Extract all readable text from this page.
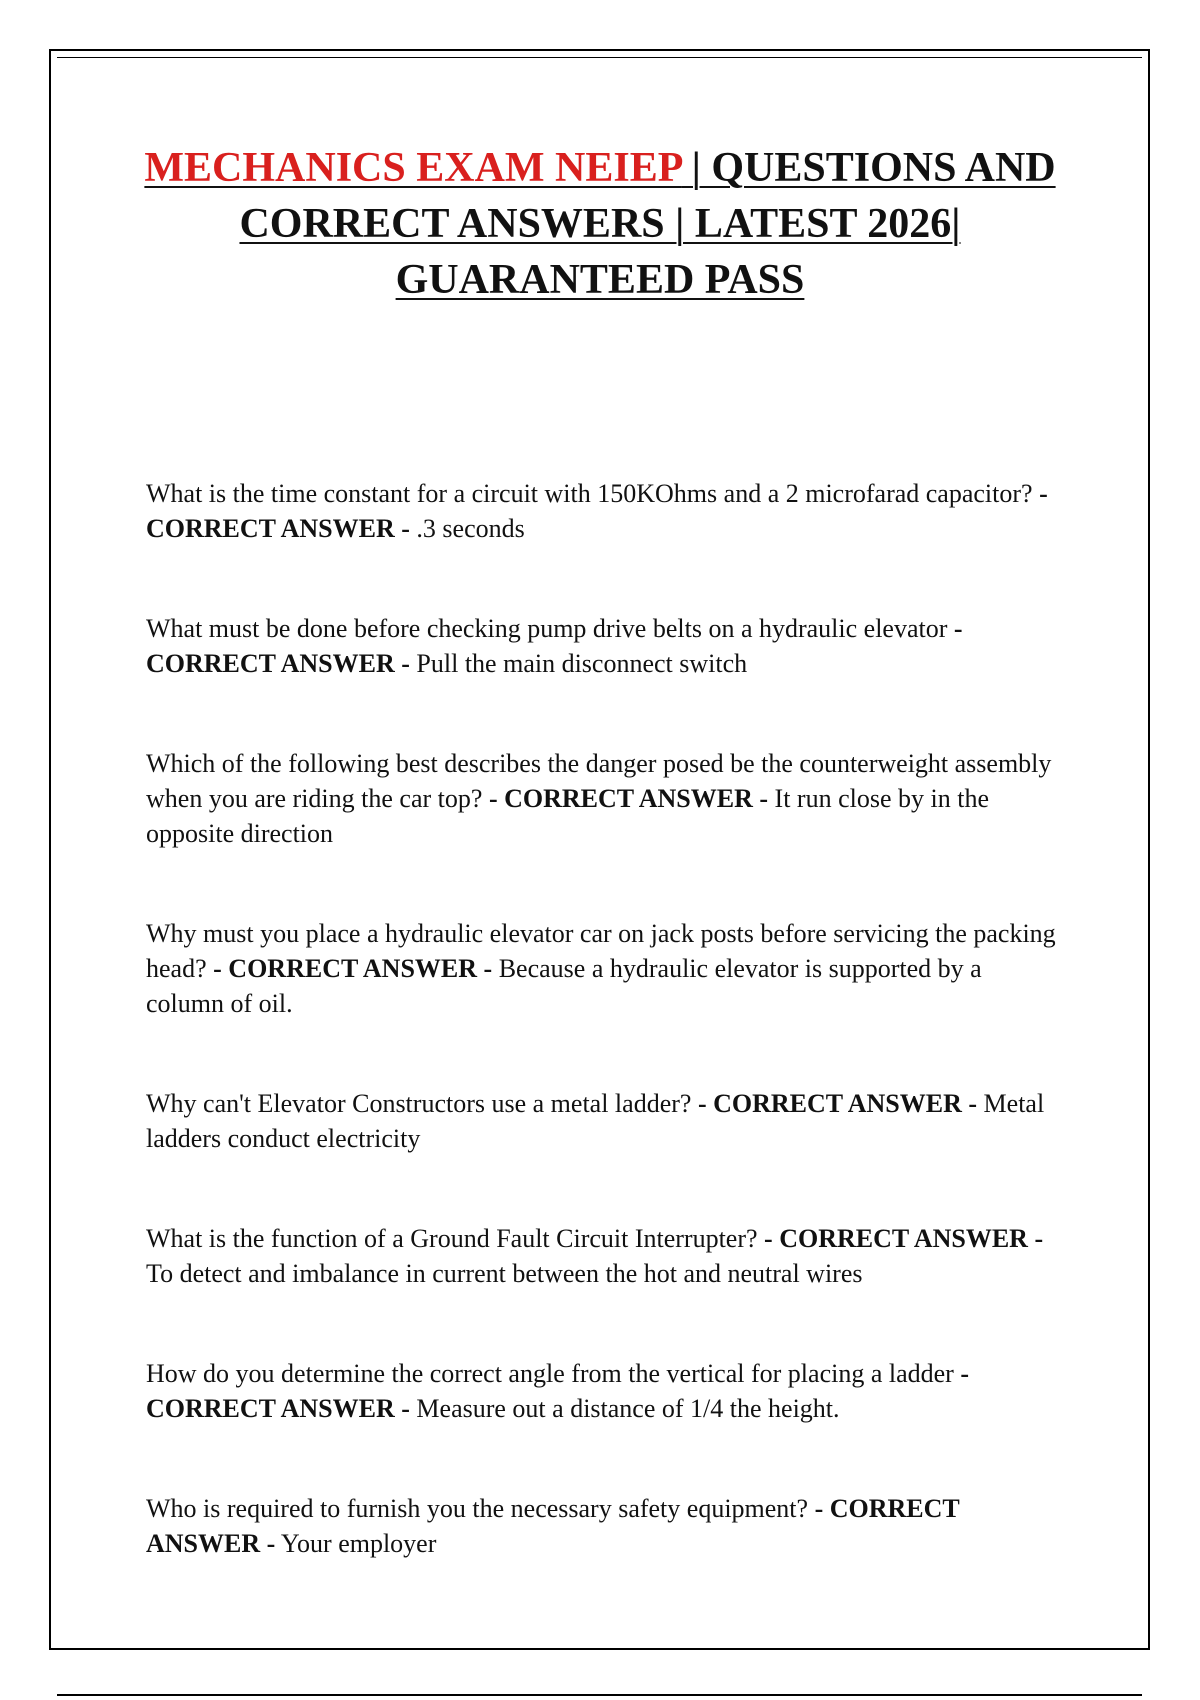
MECHANICS EXAM NEIEP | QUESTIONS AND CORRECT ANSWERS | LATEST 2026| GUARANTEED PASS
What is the time constant for a circuit with 150KOhms and a 2 microfarad capacitor? - CORRECT ANSWER - .3 seconds
What must be done before checking pump drive belts on a hydraulic elevator - CORRECT ANSWER - Pull the main disconnect switch
Which of the following best describes the danger posed be the counterweight assembly when you are riding the car top? - CORRECT ANSWER - It run close by in the opposite direction
Why must you place a hydraulic elevator car on jack posts before servicing the packing head? - CORRECT ANSWER - Because a hydraulic elevator is supported by a column of oil.
Why can't Elevator Constructors use a metal ladder? - CORRECT ANSWER - Metal ladders conduct electricity
What is the function of a Ground Fault Circuit Interrupter? - CORRECT ANSWER - To detect and imbalance in current between the hot and neutral wires
How do you determine the correct angle from the vertical for placing a ladder - CORRECT ANSWER - Measure out a distance of 1/4 the height.
Who is required to furnish you the necessary safety equipment? - CORRECT ANSWER - Your employer
